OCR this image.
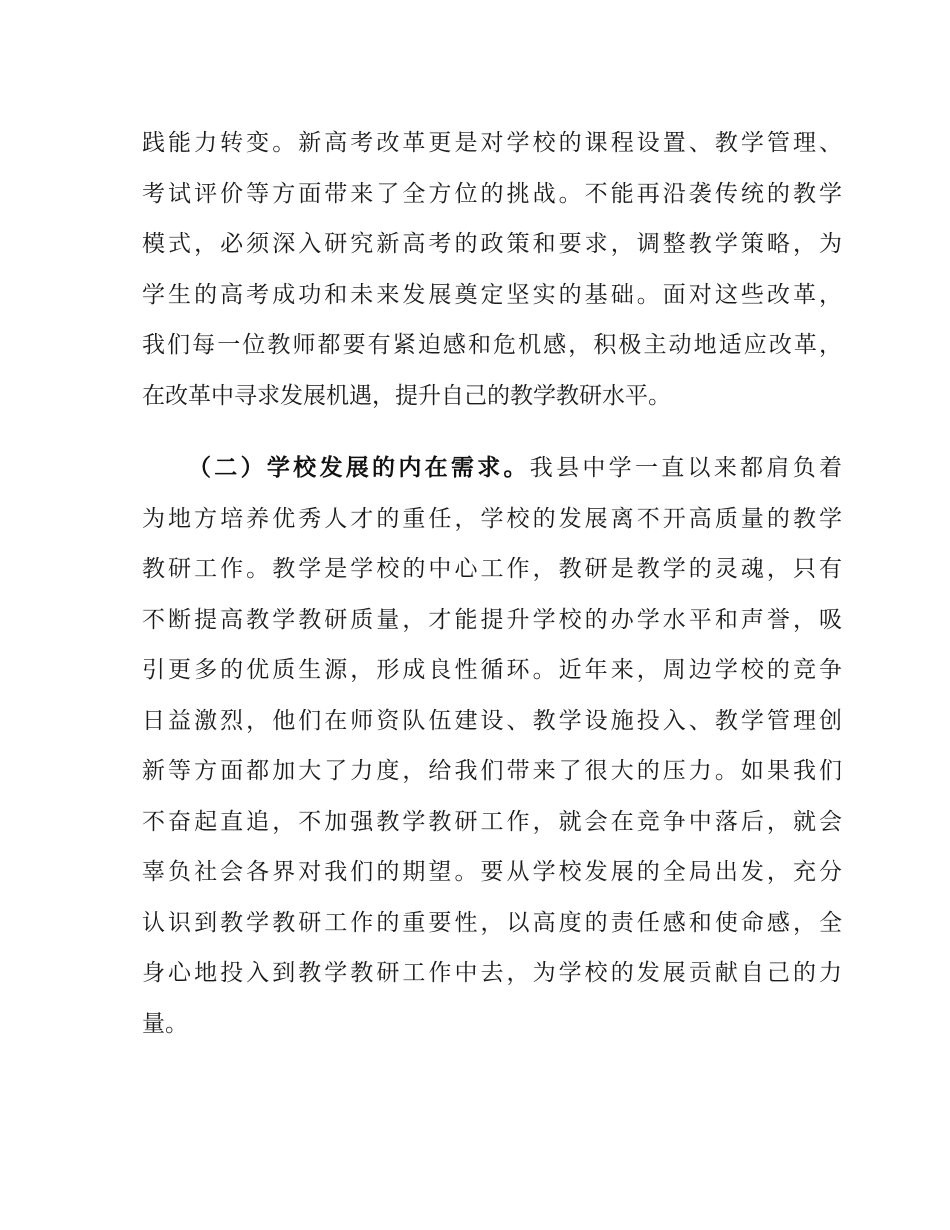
践能力转变。新高考改革更是对学校的课程设置、教学管理、
考试评价等方面带来了全方位的挑战。不能再沿袭传统的教学
模式，必须深入研究新高考的政策和要求，调整教学策略，为
学生的高考成功和未来发展奠定坚实的基础。面对这些改革，
我们每一位教师都要有紧迫感和危机感，积极主动地适应改革，
在改革中寻求发展机遇，提升自己的教学教研水平。
（二）学校发展的内在需求。我县中学一直以来都肩负着
为地方培养优秀人才的重任，学校的发展离不开高质量的教学
教研工作。教学是学校的中心工作，教研是教学的灵魂，只有
不断提高教学教研质量，才能提升学校的办学水平和声誉，吸
引更多的优质生源，形成良性循环。近年来，周边学校的竞争
日益激烈，他们在师资队伍建设、教学设施投入、教学管理创
新等方面都加大了力度，给我们带来了很大的压力。如果我们
不奋起直追，不加强教学教研工作，就会在竞争中落后，就会
辜负社会各界对我们的期望。要从学校发展的全局出发，充分
认识到教学教研工作的重要性，以高度的责任感和使命感，全
身心地投入到教学教研工作中去，为学校的发展贡献自己的力
量。
